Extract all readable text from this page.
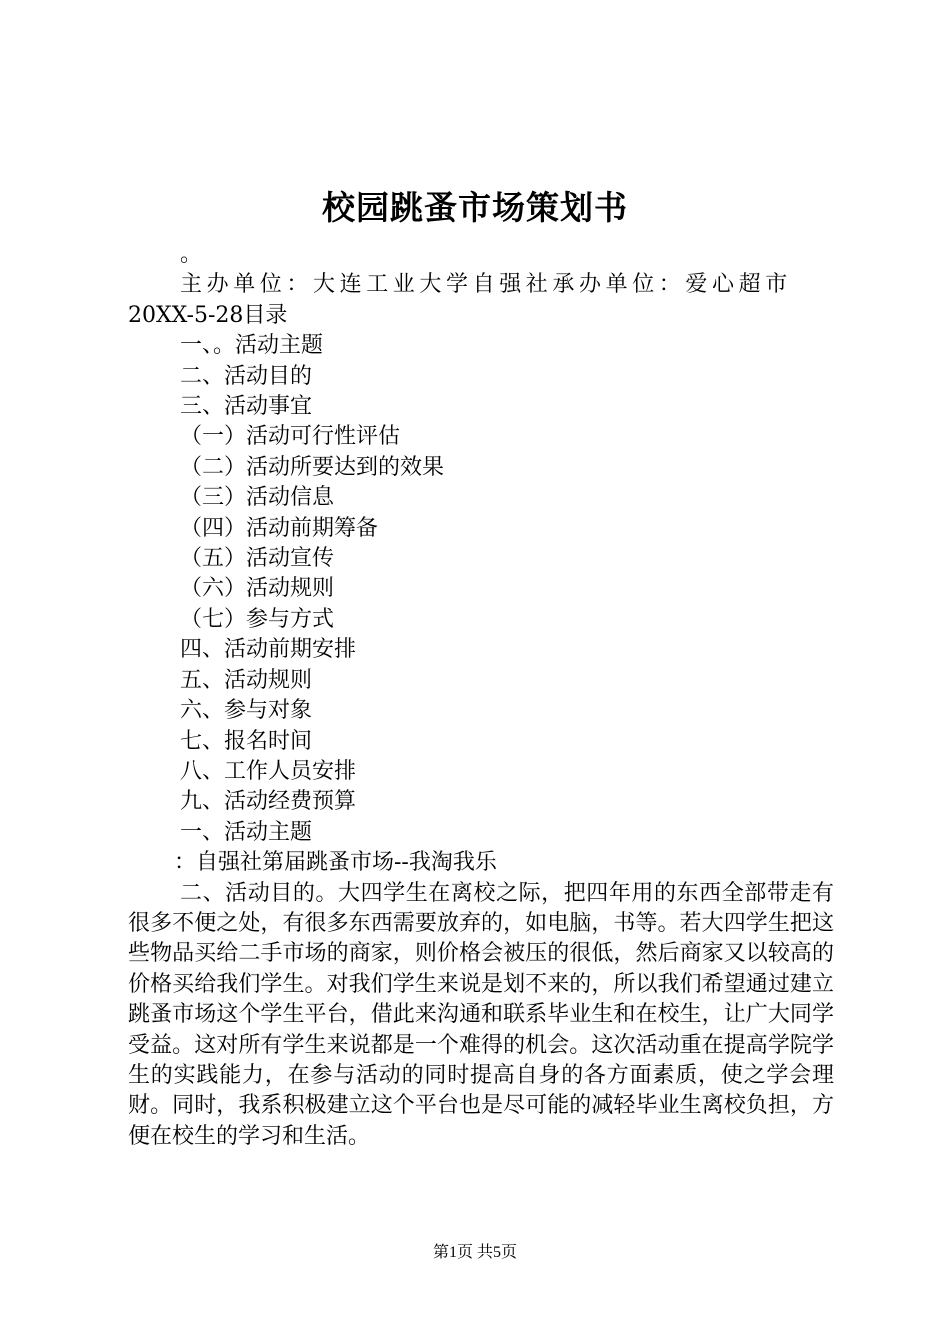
校园跳蚤市场策划书

。

主办单位：大连工业大学自强社承办单位：爱心超市

20XX-5-28目录

一、。活动主题

二、活动目的

三、活动事宜

（一）活动可行性评估

（二）活动所要达到的效果

（三）活动信息

（四）活动前期筹备

（五）活动宣传

（六）活动规则

（七）参与方式

四、活动前期安排

五、活动规则

六、参与对象

七、报名时间

八、工作人员安排

九、活动经费预算

一、活动主题

：自强社第届跳蚤市场--我淘我乐

二、活动目的。大四学生在离校之际，把四年用的东西全部带走有很多不便之处，有很多东西需要放弃的，如电脑，书等。若大四学生把这些物品买给二手市场的商家，则价格会被压的很低，然后商家又以较高的价格买给我们学生。对我们学生来说是划不来的，所以我们希望通过建立跳蚤市场这个学生平台，借此来沟通和联系毕业生和在校生，让广大同学受益。这对所有学生来说都是一个难得的机会。这次活动重在提高学院学生的实践能力，在参与活动的同时提高自身的各方面素质，使之学会理财。同时，我系积极建立这个平台也是尽可能的减轻毕业生离校负担，方便在校生的学习和生活。

第1页 共5页
